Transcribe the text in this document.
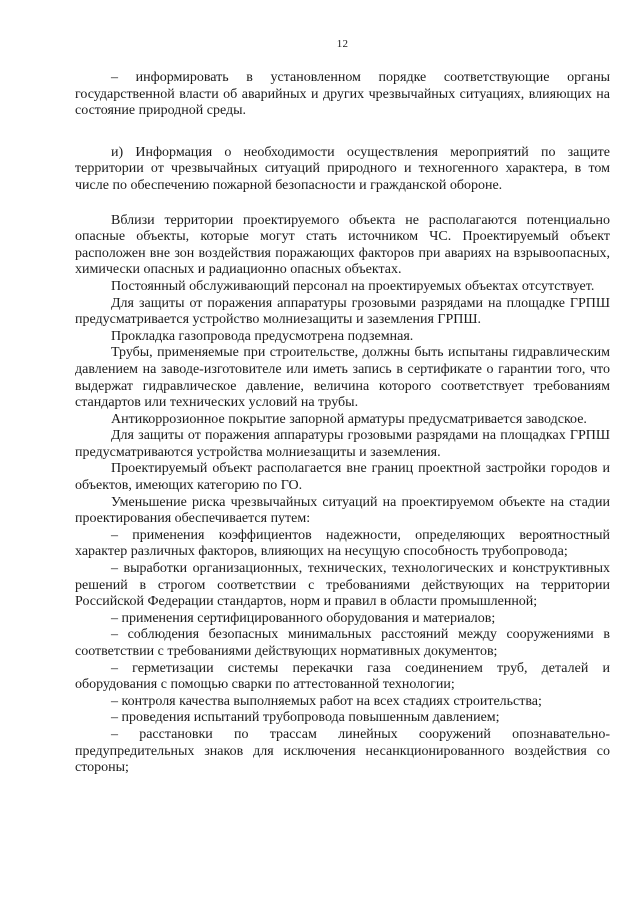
12

– информировать в установленном порядке соответствующие органы государственной власти об аварийных и других чрезвычайных ситуациях, влияющих на состояние природной среды.

и) Информация о необходимости осуществления мероприятий по защите территории от чрезвычайных ситуаций природного и техногенного характера, в том числе по обеспечению пожарной безопасности и гражданской обороне.

Вблизи территории проектируемого объекта не располагаются потенциально опасные объекты, которые могут стать источником ЧС. Проектируемый объект расположен вне зон воздействия поражающих факторов при авариях на взрывоопасных, химически опасных и радиационно опасных объектах.

Постоянный обслуживающий персонал на проектируемых объектах отсутствует.

Для защиты от поражения аппаратуры грозовыми разрядами на площадке ГРПШ предусматривается устройство молниезащиты и заземления ГРПШ.

Прокладка газопровода предусмотрена подземная.

Трубы, применяемые при строительстве, должны быть испытаны гидравлическим давлением на заводе-изготовителе или иметь запись в сертификате о гарантии того, что выдержат гидравлическое давление, величина которого соответствует требованиям стандартов или технических условий на трубы.

Антикоррозионное покрытие запорной арматуры предусматривается заводское.

Для защиты от поражения аппаратуры грозовыми разрядами на площадках ГРПШ предусматриваются устройства молниезащиты и заземления.

Проектируемый объект располагается вне границ проектной застройки городов и объектов, имеющих категорию по ГО.

Уменьшение риска чрезвычайных ситуаций на проектируемом объекте на стадии проектирования обеспечивается путем:

– применения коэффициентов надежности, определяющих вероятностный характер различных факторов, влияющих на несущую способность трубопровода;

– выработки организационных, технических, технологических и конструктивных решений в строгом соответствии с требованиями действующих на территории Российской Федерации стандартов, норм и правил в области промышленной;

– применения сертифицированного оборудования и материалов;

– соблюдения безопасных минимальных расстояний между сооружениями в соответствии с требованиями действующих нормативных документов;

– герметизации системы перекачки газа соединением труб, деталей и оборудования с помощью сварки по аттестованной технологии;

– контроля качества выполняемых работ на всех стадиях строительства;

– проведения испытаний трубопровода повышенным давлением;

– расстановки по трассам линейных сооружений опознавательно-предупредительных знаков для исключения несанкционированного воздействия со стороны;
